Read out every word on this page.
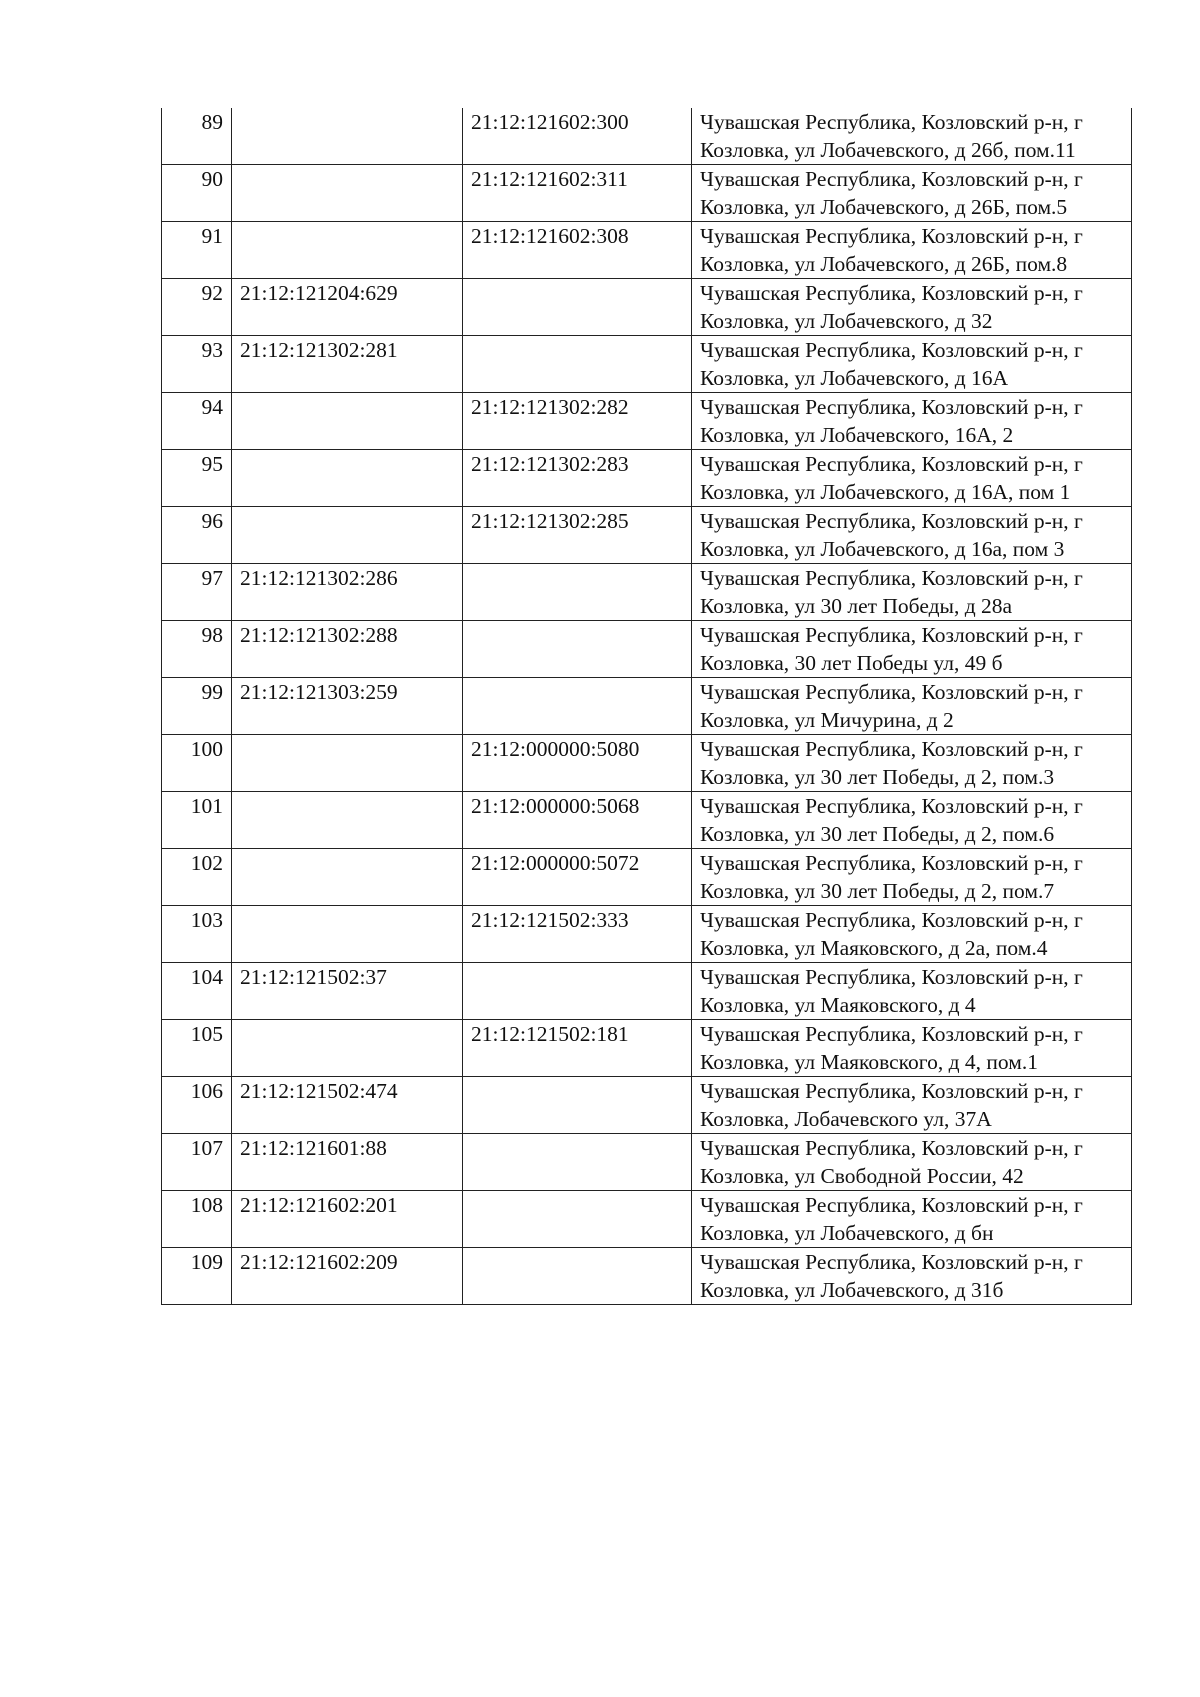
89		21:12:121602:300	Чувашская Республика, Козловский р-н, г Козловка, ул Лобачевского, д 26б, пом.11
90		21:12:121602:311	Чувашская Республика, Козловский р-н, г Козловка, ул Лобачевского, д 26Б, пом.5
91		21:12:121602:308	Чувашская Республика, Козловский р-н, г Козловка, ул Лобачевского, д 26Б, пом.8
92	21:12:121204:629		Чувашская Республика, Козловский р-н, г Козловка, ул Лобачевского, д 32
93	21:12:121302:281		Чувашская Республика, Козловский р-н, г Козловка, ул Лобачевского, д 16А
94		21:12:121302:282	Чувашская Республика, Козловский р-н, г Козловка, ул Лобачевского, 16А, 2
95		21:12:121302:283	Чувашская Республика, Козловский р-н, г Козловка, ул Лобачевского, д 16А, пом 1
96		21:12:121302:285	Чувашская Республика, Козловский р-н, г Козловка, ул Лобачевского, д 16а, пом 3
97	21:12:121302:286		Чувашская Республика, Козловский р-н, г Козловка, ул 30 лет Победы, д 28а
98	21:12:121302:288		Чувашская Республика, Козловский р-н, г Козловка, 30 лет Победы ул, 49 б
99	21:12:121303:259		Чувашская Республика, Козловский р-н, г Козловка, ул Мичурина, д 2
100		21:12:000000:5080	Чувашская Республика, Козловский р-н, г Козловка, ул 30 лет Победы, д 2, пом.3
101		21:12:000000:5068	Чувашская Республика, Козловский р-н, г Козловка, ул 30 лет Победы, д 2, пом.6
102		21:12:000000:5072	Чувашская Республика, Козловский р-н, г Козловка, ул 30 лет Победы, д 2, пом.7
103		21:12:121502:333	Чувашская Республика, Козловский р-н, г Козловка, ул Маяковского, д 2а, пом.4
104	21:12:121502:37		Чувашская Республика, Козловский р-н, г Козловка, ул Маяковского, д 4
105		21:12:121502:181	Чувашская Республика, Козловский р-н, г Козловка, ул Маяковского, д 4, пом.1
106	21:12:121502:474		Чувашская Республика, Козловский р-н, г Козловка, Лобачевского ул, 37А
107	21:12:121601:88		Чувашская Республика, Козловский р-н, г Козловка, ул Свободной России, 42
108	21:12:121602:201		Чувашская Республика, Козловский р-н, г Козловка, ул Лобачевского, д бн
109	21:12:121602:209		Чувашская Республика, Козловский р-н, г Козловка, ул Лобачевского, д 31б
